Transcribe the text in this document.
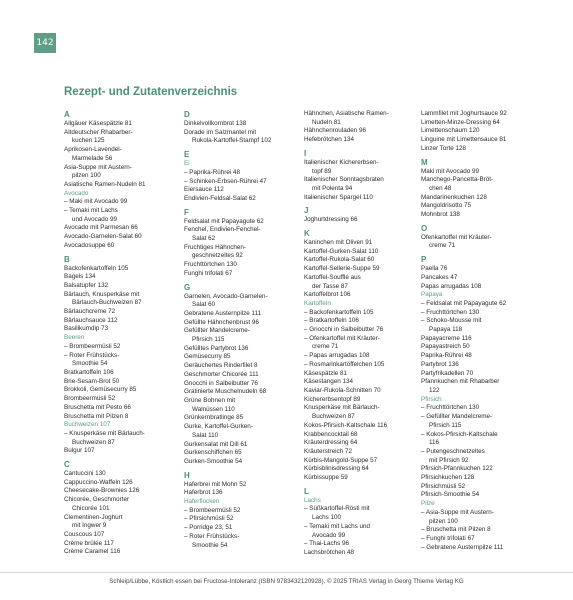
142
Rezept- und Zutatenverzeichnis
A
Allgäuer Käsespätzle 81
Altdeutscher Rhabarber-
kuchen 125
Aprikosen-Lavendel-
Marmelade 56
Asia-Suppe mit Austern-
pilzen 100
Asiatische Ramen-Nudeln 81
Avocado
– Maki mit Avocado 99
– Temaki mit Lachs
und Avocado 99
Avocado mit Parmesan 66
Avocado-Garnelen-Salat 60
Avocadosuppe 60
B
Backofenkartoffeln 105
Bagels 134
Balsatupfer 132
Bärlauch, Knusperkäse mit
Bärlauch-Buchweizen 87
Bärlauchcreme 72
Bärlauchsauce 112
Basilikumdip 73
Beeren
– Brombeermüsli 52
– Roter Frühstücks-
Smoothie 54
Bratkartoffeln 106
Brie-Sesam-Brot 50
Brokkoli, Gemüsecurry 85
Brombeermüsli 52
Bruschetta mit Pesto 66
Bruschetta mit Pilzen 8
Buchweizen 107
– Knusperkäse mit Bärlauch-
Buchweizen 87
Bulgur 107
C
Cantuccini 130
Cappuccino-Waffeln 126
Cheesecake-Brownies 126
Chicorée, Geschmorter
Chicorée 101
Clementinen-Joghurt
mit Ingwer 9
Couscous 107
Crème brûlée 117
Crème Caramel 116
D
Dinkelvollkornbrot 138
Dorade im Salzmantel mit
Rukola-Kartoffel-Stampf 102
E
Ei
– Paprika-Rührei 48
– Schinken-Erbsen-Rührei 47
Eiersauce 112
Endivien-Feldsal-Salat 62
F
Feldsalat mit Papayagute 62
Fenchel, Endivien-Fenchel-
Salat 62
Fruchtiges Hähnchen-
geschnetzeltes 92
Fruchttörtchen 130
Funghi trifolati 67
G
Garnelen, Avocado-Garnelen-
Salat 60
Gebratene Austernpilze 111
Gefüllte Hähnchenbrust 96
Gefüllter Mandelcreme-
Pfirsich 115
Gefülltes Partybrot 136
Gemüsecurry 85
Geräuchertes Rinderfilet 8
Geschmorter Chicorée 111
Gnocchi in Salbeibutter 76
Gratinierte Muschelnudeln 68
Grüne Bohnen mit
Walnüssen 110
Grünkernbratlinge 85
Gurke, Kartoffel-Gurken-
Salat 110
Gurkensalat mit Dill 61
Gurkenschiffchen 65
Gurken-Smoothie 54
H
Haferbrei mit Mohn 52
Haferbrot 136
Haferflocken
– Brombeermüsli 52
– Pfirsichmüsli 52
– Porridge 23, 51
– Roter Frühstücks-
Smoothie 54
Hähnchen, Asiatische Ramen-
Nudeln 81
Hähnchenrouladen 96
Hefebrötchen 134
I
Italienischer Kichererbsen-
topf 89
Italienischer Sonntagsbraten
mit Polenta 94
Italienischer Spargel 110
J
Joghurtdressing 66
K
Kaninchen mit Oliven 91
Kartoffel-Gurken-Salat 110
Kartoffel-Rukola-Salat 60
Kartoffel-Sellerie-Suppe 59
Kartoffel-Soufflé aus
der Tasse 87
Kartoffelbrot 106
Kartoffeln
– Backofenkartoffeln 105
– Bratkartoffeln 106
– Gnocchi in Salbeibutter 76
– Ofenkartoffel mit Kräuter-
creme 71
– Papas arrugadas 108
– Rosmarinkartöffelchen 105
Käsespätzle 81
Käsestangen 134
Kaviar-Rukola-Schnitten 70
Kichererbsentopf 89
Knusperkäse mit Bärlauch-
Buchweizen 87
Kokos-Pfirsich-Kaltschale 116
Krabbencocktail 68
Kräuterdressing 64
Kräuterstreich 72
Kürbis-Mangold-Suppe 57
Kürbisblinisdressing 64
Kürbissuppe 59
L
Lachs
– Süßkartoffel-Rösti mit
Lachs 100
– Temaki mit Lachs und
Avocado 99
– Thai-Lachs 96
Lachsbrötchen 48
Lammfilet mit Joghurtsauce 92
Limetten-Minze-Dressing 64
Limettenschaum 120
Linguine mit Limettensauce 81
Linzer Torte 128
M
Maki mit Avocado 99
Manchego-Pancetta-Bröt-
chen 48
Mandarinenkuchen 128
Mangoldrisotto 75
Mohnbrot 138
O
Ofenkartoffel mit Kräuter-
creme 71
P
Paella 76
Pancakes 47
Papas arrugadas 108
Papaya
– Feldsalat mit Papayagute 62
– Fruchttörtchen 130
– Schoko-Mousse mit
Papaya 118
Papayacreme 116
Papayastreich 50
Paprika-Rührei 48
Partybrot 136
Partyfrikadellen 70
Pfannkuchen mit Rhabarber
122
Pfirsich
– Fruchttörtchen 130
– Gefüllter Mandelcreme-
Pfirsich 115
– Kokos-Pfirsich-Kaltschale
116
– Putengeschnetzeltes
mit Pfirsich 92
Pfirsich-Pfannkuchen 122
Pfirsichkuchen 128
Pfirsichmüsli 52
Pfirsich-Smoothie 54
Pilze
– Asia-Suppe mit Austern-
pilzen 100
– Bruschetta mit Pilzen 8
– Funghi trifolati 67
– Gebratene Austernpilze 111
Schleip/Lübbe, Köstlich essen bei Fructose-Intoleranz (ISBN 9783432120928), © 2025 TRIAS Verlag in Georg Thieme Verlag KG
